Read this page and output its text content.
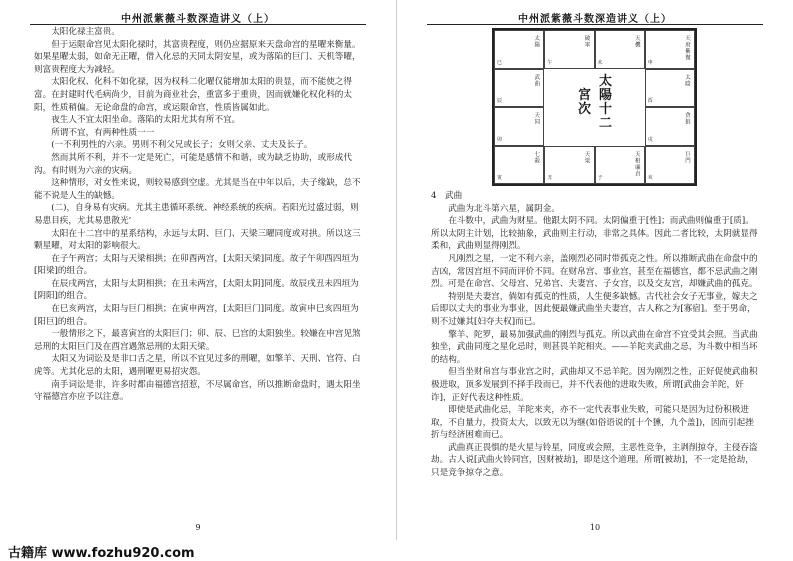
中州派紫薇斗数深造讲义（上）

太阳化禄主富贵。

但于运限命宫见太阳化禄时，其富贵程度，则仍应据原来天盘命宫的星曜来衡量。如果星曜太弱，如命无正曜，借入化忌的天同太阴安星，或为落陷的巨门、天机等曜，则富贵程度大为减轻。

太阳化权、化科不如化禄，因为权科二化曜仅能增加太阳的贵显，而不能使之得富。在封建时代毛病尚少，目前为商业社会，重富多于重贵，因而就嫌化权化科的太阳，性质稍偏。无论命盘的命宫，或运限命宫，性质皆属如此。

夜生人不宜太阳坐命。落陷的太阳尤其有所不宜。

所谓不宜，有两种性质一一

(一不利男性的六亲。男则不利父兄或长子；女则父亲、丈夫及长子。

然而其所不利，并不一定是死亡，可能是感情不和谐，或为缺乏协助，或形成代沟。有时则为六亲的灾病。

这种情形，对女性来说，则较易感到空虚。尤其是当在中年以后，夫子缘缺，总不能不说是人生的缺憾。

(二)，自身易有灾病。尤其主患循环系统、神经系统的疾病。若阳光过盛过弱，则易患目疾，尤其易患散光‘

太阳在十二宫中的星系结构，永远与太阴、巨门、天梁三曜同度或对拱。所以这三颗星曜，对太阳的影响很大。

在子午两宫；太阳与天梁相拱；在卯酉两宫，[太阳天梁]同度。故子午卯酉四垣为[阳梁]的组合。

在辰戌两宫，太阳与太阴相拱；在丑未两宫，[太阳太阴]同度。故辰戌丑未四垣为[阴阳]的组合。

在巳亥两宫，太阳与巨门相拱；在寅申两宫，[太阳巨门]同度。故寅申巳亥四垣为[阳巨]的组合。

一般情形之下，最喜寅宫的太阳巨门；卯、辰、巳宫的太阳独坐。较嫌在申宫见煞忌刑的太阳巨门及在酉宫遇煞忌刑的太阳天梁。

太阳又为词讼及是非口舌之星，所以不宜见过多的刑曜，如擎羊、天刑、官符、白虎等。尤其化忌的太阳，遇刑曜更易招灾怨。

南手词讼是非，许多时都由福德宫招惹，不尽属命宫，所以推断命盘时，遇太阳坐守福德宫亦应予以注意。

9
中州派紫薇斗数深造讲义（上）
太
陽
十
二
宮
次
太陽
巳
破軍
午
天機
未
天府紫微
申
武曲
辰
太陰
酉
天同
卯
貪狼
戌
七殺
寅
天梁
丑
天相廉貞
子
巨門
亥

4　武曲

武曲为北斗第六星，属阴金。

在斗数中，武曲为财星。他跟太阴不同。太阴偏重于[性]；而武曲则偏重于[质]。所以太阴主计划，比较抽象，武曲则主行动，非常之具体。因此二者比较，太阴就显得

柔和，武曲则显得刚烈。

凡刚烈之星，一定不利六亲，盖刚烈必同时带孤克之性。所以推断武曲在命盘中的吉凶，常因宫垣不同而评价不同。在财帛宫、事业宫，甚至在福德宫，都不忌武曲之刚烈。可是在命宫、父母宫、兄弟宫、夫妻宫、子女宫，以及交友宫，却嫌武曲的孤克。

特别是夫妻宫，倘如有孤克的性质，人生便多缺憾。古代社会女子无事业，嫁夫之后即以丈夫的事业为事业，因此便最嫌武曲坐夫妻宫，古人称之为[寡宿]。至于男命，则不过嫌其[妇夺夫权]而已。

擎羊、陀罗，最易加强武曲的刚烈与孤克。所以武曲在命宫不宜受其会照。当武曲独坐，武曲同度之星化忌时，则甚畏羊陀相夹。——羊陀夹武曲之忌，为斗数中相当坏的结构。

但当坐财帛宫与事业宫之时，武曲却又不忌羊陀。因为刚烈之性，正好促使武曲积极进取，顶多发展到不择手段而已，并不代表他的进取失败，所谓[武曲会羊陀，奸诈]，正好代表这种性质。

即使是武曲化忌，羊陀来夹，亦不一定代表事业失败，可能只是因为过份积极进取，不自量力，投资太大，以致无以为继(如俗语说的[十个獯，九个盖])，因而引起挫折与经济困难而已。

武曲真正畏惧的是火星与铃星，同度或会照，主恶性竞争，主剥削掠夺，主侵吞盗劫。古人说[武曲火铃同宫，因财被劫]，即是这个道理。所谓[被劫]，不一定是抢劫，只是竞争掠夺之意。

10
古籍库 www.fozhu920.com
